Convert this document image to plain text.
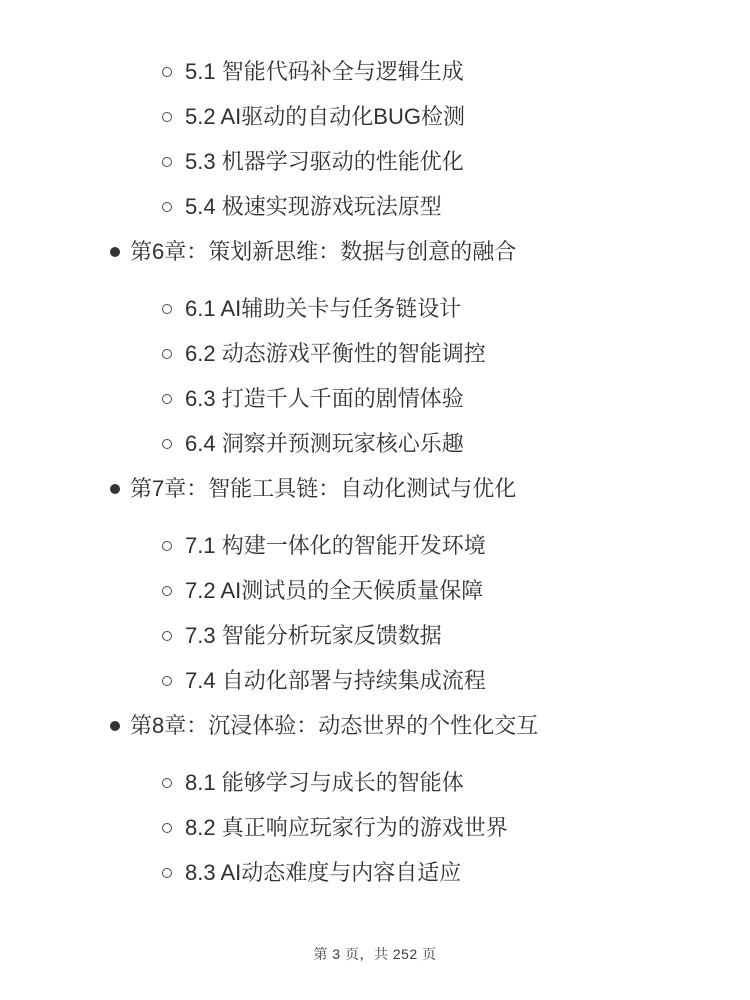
5.1 智能代码补全与逻辑生成
5.2 AI驱动的自动化BUG检测
5.3 机器学习驱动的性能优化
5.4 极速实现游戏玩法原型
第6章：策划新思维：数据与创意的融合
6.1 AI辅助关卡与任务链设计
6.2 动态游戏平衡性的智能调控
6.3 打造千人千面的剧情体验
6.4 洞察并预测玩家核心乐趣
第7章：智能工具链：自动化测试与优化
7.1 构建一体化的智能开发环境
7.2 AI测试员的全天候质量保障
7.3 智能分析玩家反馈数据
7.4 自动化部署与持续集成流程
第8章：沉浸体验：动态世界的个性化交互
8.1 能够学习与成长的智能体
8.2 真正响应玩家行为的游戏世界
8.3 AI动态难度与内容自适应
第 3 页，共 252 页
